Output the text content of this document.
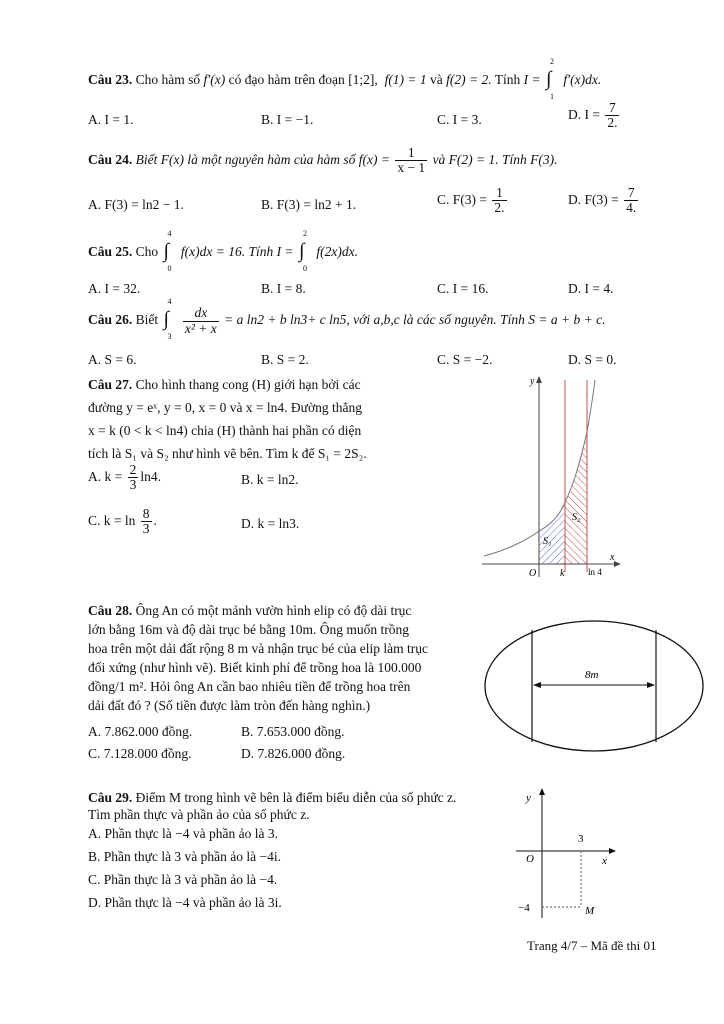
Câu 23. Cho hàm số f′(x) có đạo hàm trên đoạn [1;2], f(1) = 1 và f(2) = 2. Tính I = ∫
2
1
f′(x)dx.
A. I = 1.	B. I = −1.	C. I = 3.	D. $I = \frac{7}{2.}$
Câu 24. Biết F(x) là một nguyên hàm của hàm số $f(x) = \frac{1}{x - 1}$ và F(2) = 1. Tính F(3).
A. F(3) = ln2 − 1.	B. F(3) = ln2 + 1.	C. $F(3) = \frac{1}{2.}$	D. $F(3) = \frac{7}{4.}$
Câu 25. Cho ∫
4
0
f(x)dx = 16. Tính I = ∫
2
0
f(2x)dx.
A. I = 32.	B. I = 8.	C. I = 16.	D. I = 4.
Câu 26. Biết ∫
4
3

$\frac{dx}{\text{x² + x}} = a$ ln2 + b ln3+ c ln5, với a,b,c là các số nguyên. Tính S = a + b + c.
A. S = 6.	B. S = 2.	C. S = −2.	D. S = 0.
Câu 27. Cho hình thang cong (H) giới hạn bởi các
đường y = eˣ, y = 0, x = 0 và x = ln4. Đường thẳng
x = k (0 < k < ln4) chia (H) thành hai phần có diện
tích là S₁ và S₂ như hình vẽ bên. Tìm k để S₁ = 2S₂.
A. $k = \frac{2}{3} \ln 4$.	B. k = ln2.
C. $k = \ln \frac{8}{3}$ .	D. k = ln3.
y
x
O k	ln 4
S₁
S₂
Câu 28. Ông An có một mảnh vườn hình elip có độ dài trục
lớn bằng 16m và độ dài trục bé bằng 10m. Ông muốn trồng
hoa trên một dải đất rộng 8 m và nhận trục bé của elip làm trục
đối xứng (như hình vẽ). Biết kinh phí để trồng hoa là 100.000
đồng/1 m². Hỏi ông An cần bao nhiêu tiền để trồng hoa trên
dải đất đó ? (Số tiền được làm tròn đến hàng nghìn.)
A. 7.862.000 đồng.	B. 7.653.000 đồng.
C. 7.128.000 đồng.	D. 7.826.000 đồng.
8m
Câu 29. Điểm M trong hình vẽ bên là điểm biểu diễn của số phức z.
Tìm phần thực và phần ảo của số phức z.
A. Phần thực là −4 và phần ảo là 3.
B. Phần thực là 3 và phần ảo là −4i.
C. Phần thực là 3 và phần ảo là −4.
D. Phần thực là −4 và phần ảo là 3i.
y
x
O
3
−4	M
Trang 4/7 – Mã đề thi 01
